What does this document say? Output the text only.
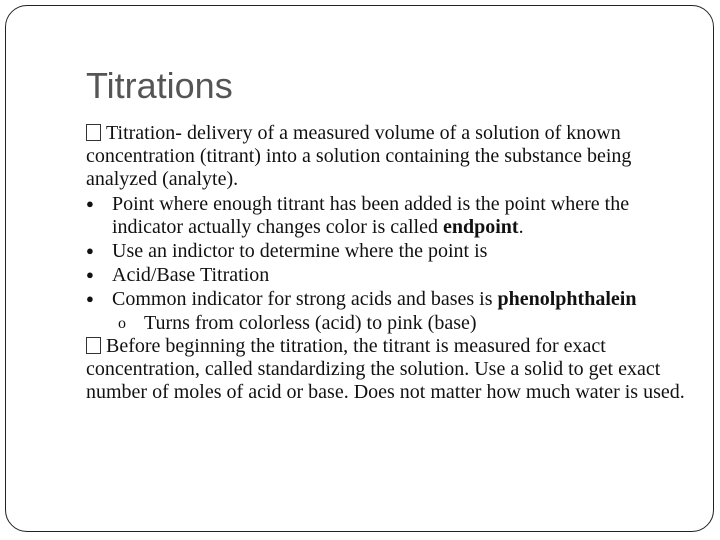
Titrations

Titration- delivery of a measured volume of a solution of known concentration (titrant) into a solution containing the substance being analyzed (analyte).

● Point where enough titrant has been added is the point where the indicator actually changes color is called endpoint.

● Use an indictor to determine where the point is

● Acid/Base Titration

● Common indicator for strong acids and bases is phenolphthalein

o Turns from colorless (acid) to pink (base)

Before beginning the titration, the titrant is measured for exact concentration, called standardizing the solution. Use a solid to get exact number of moles of acid or base. Does not matter how much water is used.
